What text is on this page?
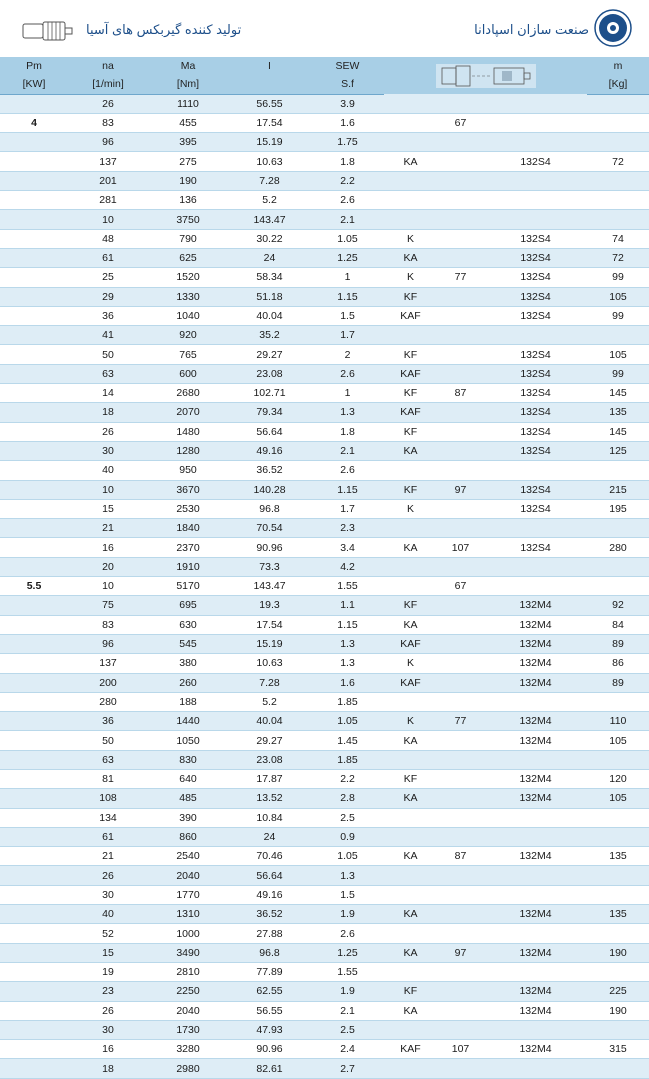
تولید کننده گیربکس های آسیا	صنعت سازان اسپادانا
Pm	na	Ma	I	SEW				m
[KW]	[1/min]	[Nm]		S.f				[Kg]
	26	1110	56.55	3.9				
4	83	455	17.54	1.6		67		
	96	395	15.19	1.75				
	137	275	10.63	1.8	KA		132S4	72
	201	190	7.28	2.2				
	281	136	5.2	2.6				
	10	3750	143.47	2.1				
	48	790	30.22	1.05	K		132S4	74
	61	625	24	1.25	KA		132S4	72
	25	1520	58.34	1	K	77	132S4	99
	29	1330	51.18	1.15	KF		132S4	105
	36	1040	40.04	1.5	KAF		132S4	99
	41	920	35.2	1.7				
	50	765	29.27	2	KF		132S4	105
	63	600	23.08	2.6	KAF		132S4	99
	14	2680	102.71	1	KF	87	132S4	145
	18	2070	79.34	1.3	KAF		132S4	135
	26	1480	56.64	1.8	KF		132S4	145
	30	1280	49.16	2.1	KA		132S4	125
	40	950	36.52	2.6				
	10	3670	140.28	1.15	KF	97	132S4	215
	15	2530	96.8	1.7	K		132S4	195
	21	1840	70.54	2.3				
	16	2370	90.96	3.4	KA	107	132S4	280
	20	1910	73.3	4.2				
5.5	10	5170	143.47	1.55		67		
	75	695	19.3	1.1	KF		132M4	92
	83	630	17.54	1.15	KA		132M4	84
	96	545	15.19	1.3	KAF		132M4	89
	137	380	10.63	1.3	K		132M4	86
	200	260	7.28	1.6	KAF		132M4	89
	280	188	5.2	1.85				
	36	1440	40.04	1.05	K	77	132M4	110
	50	1050	29.27	1.45	KA		132M4	105
	63	830	23.08	1.85				
	81	640	17.87	2.2	KF		132M4	120
	108	485	13.52	2.8	KA		132M4	105
	134	390	10.84	2.5				
	61	860	24	0.9				
	21	2540	70.46	1.05	KA	87	132M4	135
	26	2040	56.64	1.3				
	30	1770	49.16	1.5				
	40	1310	36.52	1.9	KA		132M4	135
	52	1000	27.88	2.6				
	15	3490	96.8	1.25	KA	97	132M4	190
	19	2810	77.89	1.55				
	23	2250	62.55	1.9	KF		132M4	225
	26	2040	56.55	2.1	KA		132M4	190
	30	1730	47.93	2.5				
	16	3280	90.96	2.4	KAF	107	132M4	315
	18	2980	82.61	2.7				
